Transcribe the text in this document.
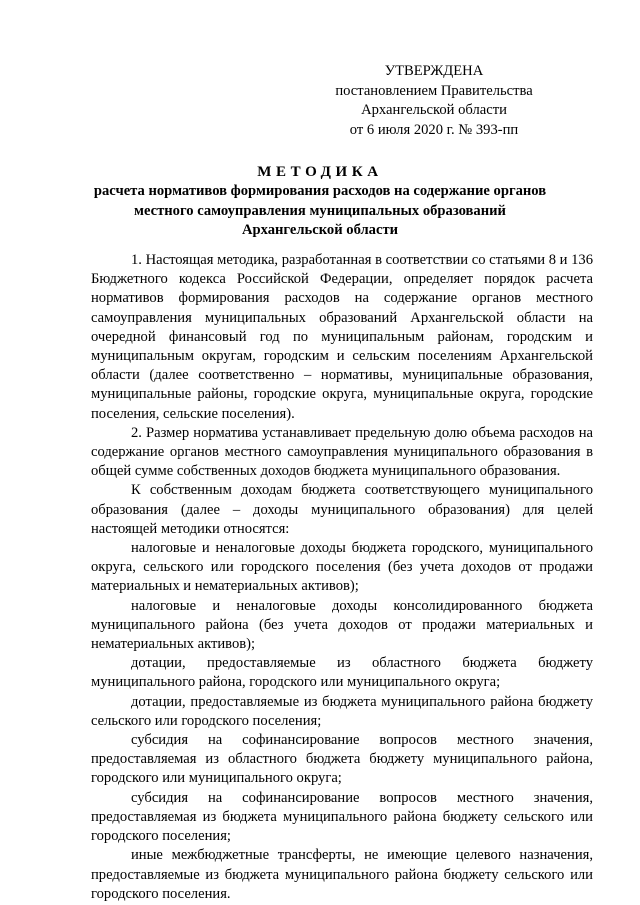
УТВЕРЖДЕНА
постановлением Правительства
Архангельской области
от 6 июля 2020 г. № 393-пп
МЕТОДИКА
расчета нормативов формирования расходов на содержание органов
местного самоуправления муниципальных образований
Архангельской области

1. Настоящая методика, разработанная в соответствии со статьями 8 и 136 Бюджетного кодекса Российской Федерации, определяет порядок расчета нормативов формирования расходов на содержание органов местного самоуправления муниципальных образований Архангельской области на очередной финансовый год по муниципальным районам, городским и муниципальным округам, городским и сельским поселениям Архангельской области (далее соответственно – нормативы, муниципальные образования, муниципальные районы, городские округа, муниципальные округа, городские поселения, сельские поселения).

2. Размер норматива устанавливает предельную долю объема расходов на содержание органов местного самоуправления муниципального образования в общей сумме собственных доходов бюджета муниципального образования.

К собственным доходам бюджета соответствующего муниципального образования (далее – доходы муниципального образования) для целей настоящей методики относятся:

налоговые и неналоговые доходы бюджета городского, муниципального округа, сельского или городского поселения (без учета доходов от продажи материальных и нематериальных активов);

налоговые и неналоговые доходы консолидированного бюджета муниципального района (без учета доходов от продажи материальных и нематериальных активов);

дотации, предоставляемые из областного бюджета бюджету муниципального района, городского или муниципального округа;

дотации, предоставляемые из бюджета муниципального района бюджету сельского или городского поселения;

субсидия на софинансирование вопросов местного значения, предоставляемая из областного бюджета бюджету муниципального района, городского или муниципального округа;

субсидия на софинансирование вопросов местного значения, предоставляемая из бюджета муниципального района бюджету сельского или городского поселения;

иные межбюджетные трансферты, не имеющие целевого назначения, предоставляемые из бюджета муниципального района бюджету сельского или городского поселения.
